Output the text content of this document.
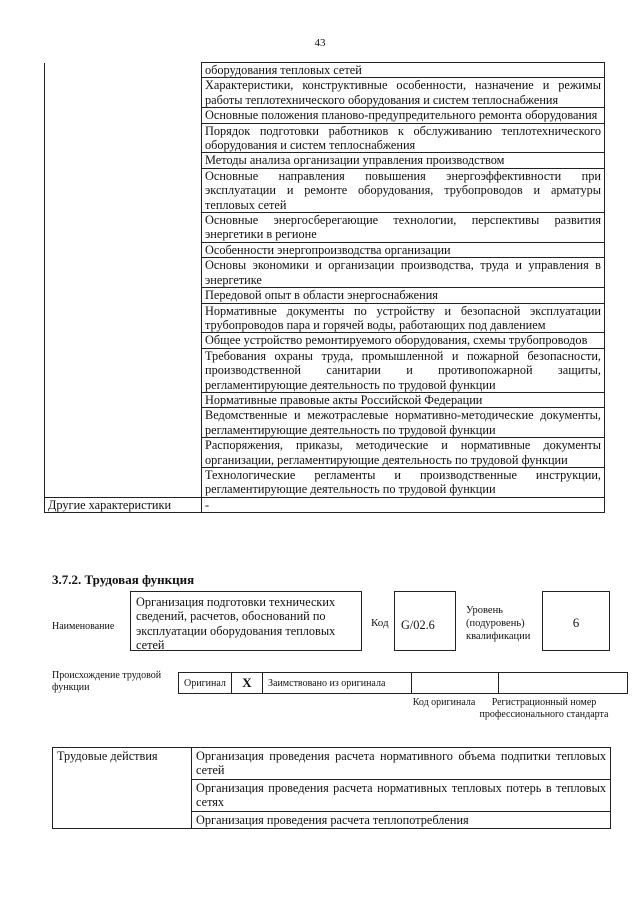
43
	оборудования тепловых сетей
	Характеристики, конструктивные особенности, назначение и режимы работы теплотехнического оборудования и систем теплоснабжения
	Основные положения планово-предупредительного ремонта оборудования
	Порядок подготовки работников к обслуживанию теплотехнического оборудования и систем теплоснабжения
	Методы анализа организации управления производством
	Основные направления повышения энергоэффективности при эксплуатации и ремонте оборудования, трубопроводов и арматуры тепловых сетей
	Основные энергосберегающие технологии, перспективы развития энергетики в регионе
	Особенности энергопроизводства организации
	Основы экономики и организации производства, труда и управления в энергетике
	Передовой опыт в области энергоснабжения
	Нормативные документы по устройству и безопасной эксплуатации трубопроводов пара и горячей воды, работающих под давлением
	Общее устройство ремонтируемого оборудования, схемы трубопроводов
	Требования охраны труда, промышленной и пожарной безопасности, производственной санитарии и противопожарной защиты, регламентирующие деятельность по трудовой функции
	Нормативные правовые акты Российской Федерации
	Ведомственные и межотраслевые нормативно-методические документы, регламентирующие деятельность по трудовой функции
	Распоряжения, приказы, методические и нормативные документы организации, регламентирующие деятельность по трудовой функции
	Технологические регламенты и производственные инструкции, регламентирующие деятельность по трудовой функции
Другие характеристики	-
3.7.2. Трудовая функция
Наименование
Организация подготовки технических сведений, расчетов, обоснований по эксплуатации оборудования тепловых сетей
Код	G/02.6
Уровень (подуровень) квалификации
6
Происхождение трудовой функции	Оригинал	X	Заимствовано из оригинала
Код оригинала	Регистрационный номер профессионального стандарта
Трудовые действия	Организация проведения расчета нормативного объема подпитки тепловых сетей
Организация проведения расчета нормативных тепловых потерь в тепловых сетях
Организация проведения расчета теплопотребления
